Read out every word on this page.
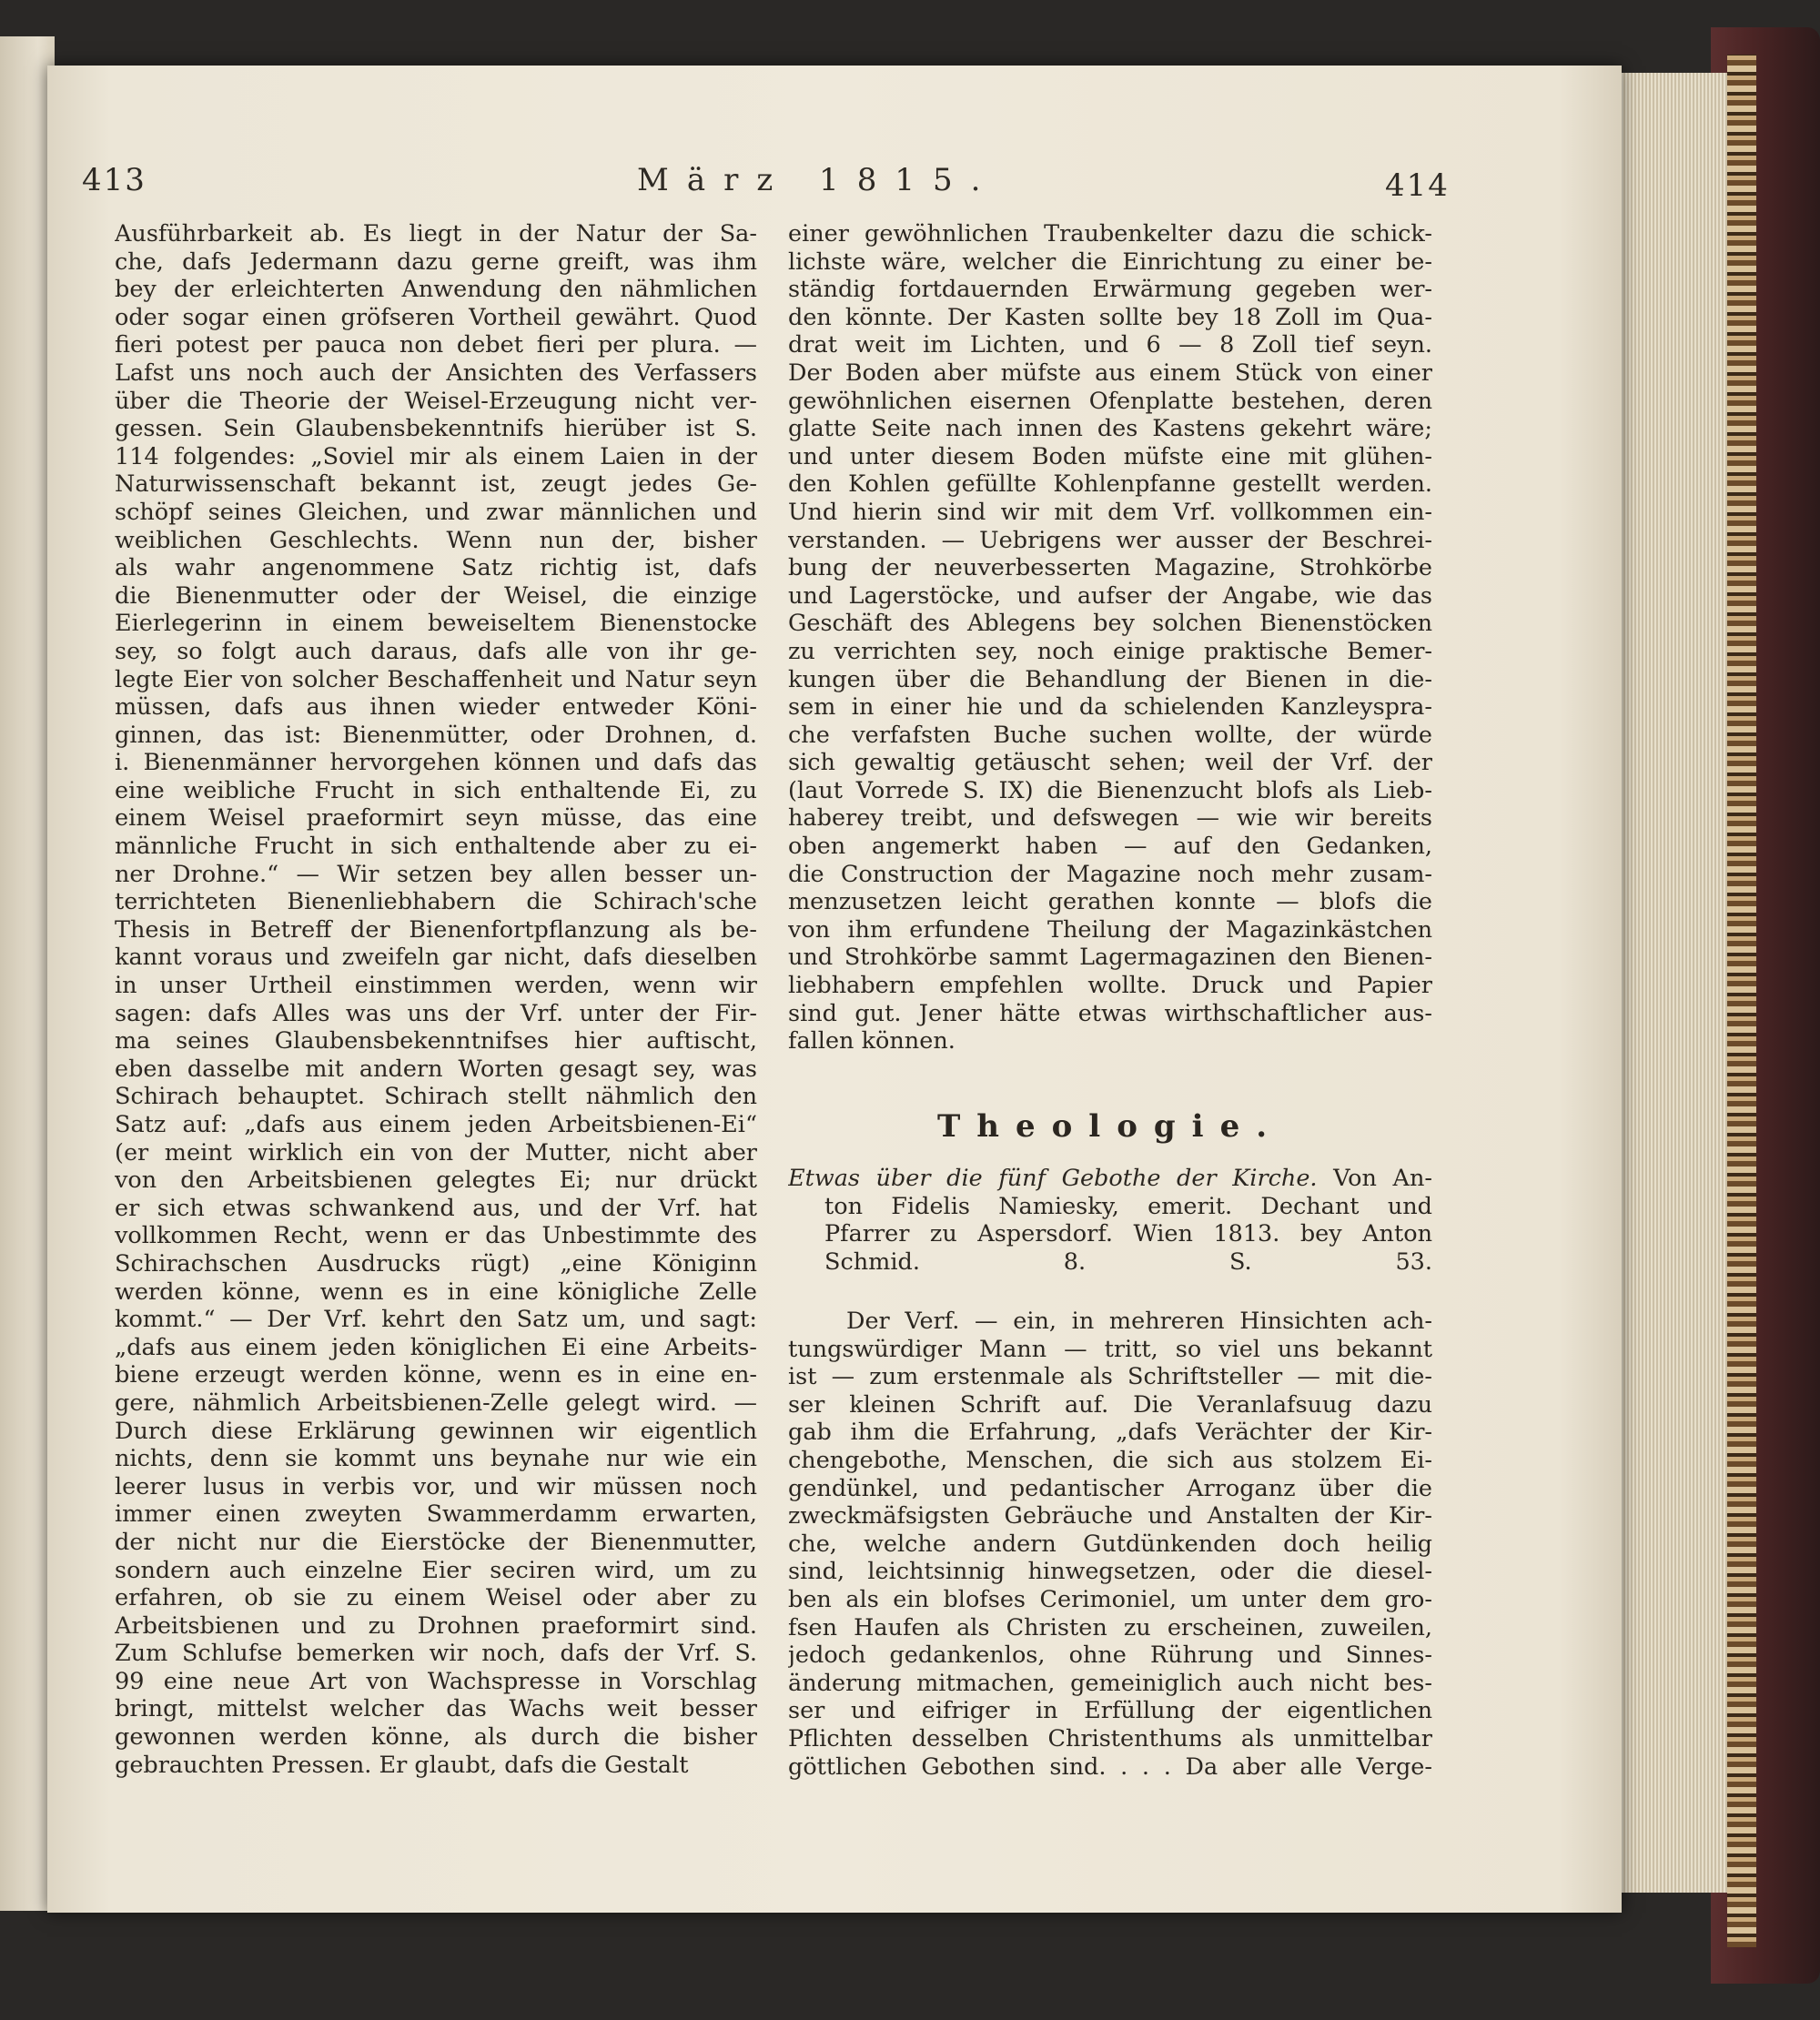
413	März 1815.	414
Ausführbarkeit ab. Es liegt in der Natur der Sa-
che, dafs Jedermann dazu gerne greift, was ihm
bey der erleichterten Anwendung den nähmlichen
oder sogar einen gröfseren Vortheil gewährt. Quod
fieri potest per pauca non debet fieri per plura. —
Lafst uns noch auch der Ansichten des Verfassers
über die Theorie der Weisel-Erzeugung nicht ver-
gessen. Sein Glaubensbekenntnifs hierüber ist S.
114 folgendes: „Soviel mir als einem Laien in der
Naturwissenschaft bekannt ist, zeugt jedes Ge-
schöpf seines Gleichen, und zwar männlichen und
weiblichen Geschlechts. Wenn nun der, bisher
als wahr angenommene Satz richtig ist, dafs
die Bienenmutter oder der Weisel, die einzige
Eierlegerinn in einem beweiseltem Bienenstocke
sey, so folgt auch daraus, dafs alle von ihr ge-
legte Eier von solcher Beschaffenheit und Natur seyn
müssen, dafs aus ihnen wieder entweder Köni-
ginnen, das ist: Bienenmütter, oder Drohnen, d.
i. Bienenmänner hervorgehen können und dafs das
eine weibliche Frucht in sich enthaltende Ei, zu
einem Weisel praeformirt seyn müsse, das eine
männliche Frucht in sich enthaltende aber zu ei-
ner Drohne.“ — Wir setzen bey allen besser un-
terrichteten Bienenliebhabern die Schirach'sche
Thesis in Betreff der Bienenfortpflanzung als be-
kannt voraus und zweifeln gar nicht, dafs dieselben
in unser Urtheil einstimmen werden, wenn wir
sagen: dafs Alles was uns der Vrf. unter der Fir-
ma seines Glaubensbekenntnifses hier auftischt,
eben dasselbe mit andern Worten gesagt sey, was
Schirach behauptet. Schirach stellt nähmlich den
Satz auf: „dafs aus einem jeden Arbeitsbienen-Ei“
(er meint wirklich ein von der Mutter, nicht aber
von den Arbeitsbienen gelegtes Ei; nur drückt
er sich etwas schwankend aus, und der Vrf. hat
vollkommen Recht, wenn er das Unbestimmte des
Schirachschen Ausdrucks rügt) „eine Königinn
werden könne, wenn es in eine königliche Zelle
kommt.“ — Der Vrf. kehrt den Satz um, und sagt:
„dafs aus einem jeden königlichen Ei eine Arbeits-
biene erzeugt werden könne, wenn es in eine en-
gere, nähmlich Arbeitsbienen-Zelle gelegt wird. —
Durch diese Erklärung gewinnen wir eigentlich
nichts, denn sie kommt uns beynahe nur wie ein
leerer lusus in verbis vor, und wir müssen noch
immer einen zweyten Swammerdamm erwarten,
der nicht nur die Eierstöcke der Bienenmutter,
sondern auch einzelne Eier seciren wird, um zu
erfahren, ob sie zu einem Weisel oder aber zu
Arbeitsbienen und zu Drohnen praeformirt sind.
Zum Schlufse bemerken wir noch, dafs der Vrf. S.
99 eine neue Art von Wachspresse in Vorschlag
bringt, mittelst welcher das Wachs weit besser
gewonnen werden könne, als durch die bisher
gebrauchten Pressen. Er glaubt, dafs die Gestalt
einer gewöhnlichen Traubenkelter dazu die schick-
lichste wäre, welcher die Einrichtung zu einer be-
ständig fortdauernden Erwärmung gegeben wer-
den könnte. Der Kasten sollte bey 18 Zoll im Qua-
drat weit im Lichten, und 6 — 8 Zoll tief seyn.
Der Boden aber müfste aus einem Stück von einer
gewöhnlichen eisernen Ofenplatte bestehen, deren
glatte Seite nach innen des Kastens gekehrt wäre;
und unter diesem Boden müfste eine mit glühen-
den Kohlen gefüllte Kohlenpfanne gestellt werden.
Und hierin sind wir mit dem Vrf. vollkommen ein-
verstanden. — Uebrigens wer ausser der Beschrei-
bung der neuverbesserten Magazine, Strohkörbe
und Lagerstöcke, und aufser der Angabe, wie das
Geschäft des Ablegens bey solchen Bienenstöcken
zu verrichten sey, noch einige praktische Bemer-
kungen über die Behandlung der Bienen in die-
sem in einer hie und da schielenden Kanzleyspra-
che verfafsten Buche suchen wollte, der würde
sich gewaltig getäuscht sehen; weil der Vrf. der
(laut Vorrede S. IX) die Bienenzucht blofs als Lieb-
haberey treibt, und defswegen — wie wir bereits
oben angemerkt haben — auf den Gedanken,
die Construction der Magazine noch mehr zusam-
menzusetzen leicht gerathen konnte — blofs die
von ihm erfundene Theilung der Magazinkästchen
und Strohkörbe sammt Lagermagazinen den Bienen-
liebhabern empfehlen wollte. Druck und Papier
sind gut. Jener hätte etwas wirthschaftlicher aus-
fallen können.
Theologie.
Etwas über die fünf Gebothe der Kirche. Von An-
ton Fidelis Namiesky, emerit. Dechant und
Pfarrer zu Aspersdorf. Wien 1813. bey Anton
Schmid. 8. S. 53.
Der Verf. — ein, in mehreren Hinsichten ach-
tungswürdiger Mann — tritt, so viel uns bekannt
ist — zum erstenmale als Schriftsteller — mit die-
ser kleinen Schrift auf. Die Veranlafsuug dazu
gab ihm die Erfahrung, „dafs Verächter der Kir-
chengebothe, Menschen, die sich aus stolzem Ei-
gendünkel, und pedantischer Arroganz über die
zweckmäfsigsten Gebräuche und Anstalten der Kir-
che, welche andern Gutdünkenden doch heilig
sind, leichtsinnig hinwegsetzen, oder die diesel-
ben als ein blofses Cerimoniel, um unter dem gro-
fsen Haufen als Christen zu erscheinen, zuweilen,
jedoch gedankenlos, ohne Rührung und Sinnes-
änderung mitmachen, gemeiniglich auch nicht bes-
ser und eifriger in Erfüllung der eigentlichen
Pflichten desselben Christenthums als unmittelbar
göttlichen Gebothen sind. . . . Da aber alle Verge-
